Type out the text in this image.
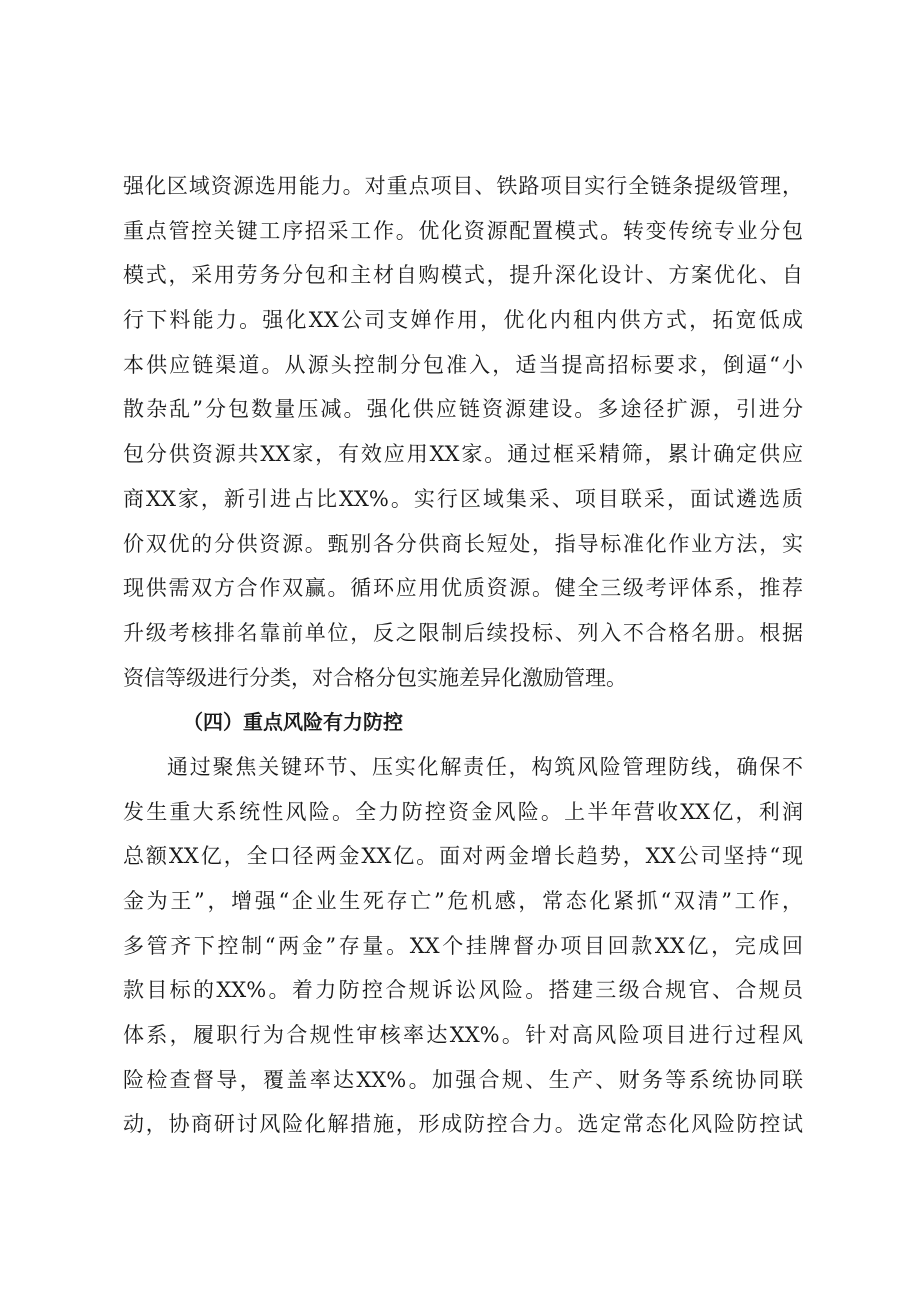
强化区域资源选用能力。对重点项目、铁路项目实行全链条提级管理，
重点管控关键工序招采工作。优化资源配置模式。转变传统专业分包
模式，采用劳务分包和主材自购模式，提升深化设计、方案优化、自
行下料能力。强化XX公司支婵作用，优化内租内供方式，拓宽低成
本供应链渠道。从源头控制分包准入，适当提高招标要求，倒逼“小
散杂乱”分包数量压减。强化供应链资源建设。多途径扩源，引进分
包分供资源共XX家，有效应用XX家。通过框采精筛，累计确定供应
商XX家，新引进占比XX%。实行区域集采、项目联采，面试遴选质
价双优的分供资源。甄别各分供商长短处，指导标准化作业方法，实
现供需双方合作双赢。循环应用优质资源。健全三级考评体系，推荐
升级考核排名靠前单位，反之限制后续投标、列入不合格名册。根据
资信等级进行分类，对合格分包实施差异化激励管理。
（四）重点风险有力防控
通过聚焦关键环节、压实化解责任，构筑风险管理防线，确保不
发生重大系统性风险。全力防控资金风险。上半年营收XX亿，利润
总额XX亿，全口径两金XX亿。面对两金增长趋势，XX公司坚持“现
金为王”，增强“企业生死存亡”危机感，常态化紧抓“双清”工作，
多管齐下控制“两金”存量。XX个挂牌督办项目回款XX亿，完成回
款目标的XX%。着力防控合规诉讼风险。搭建三级合规官、合规员
体系，履职行为合规性审核率达XX%。针对高风险项目进行过程风
险检查督导，覆盖率达XX%。加强合规、生产、财务等系统协同联
动，协商研讨风险化解措施，形成防控合力。选定常态化风险防控试
